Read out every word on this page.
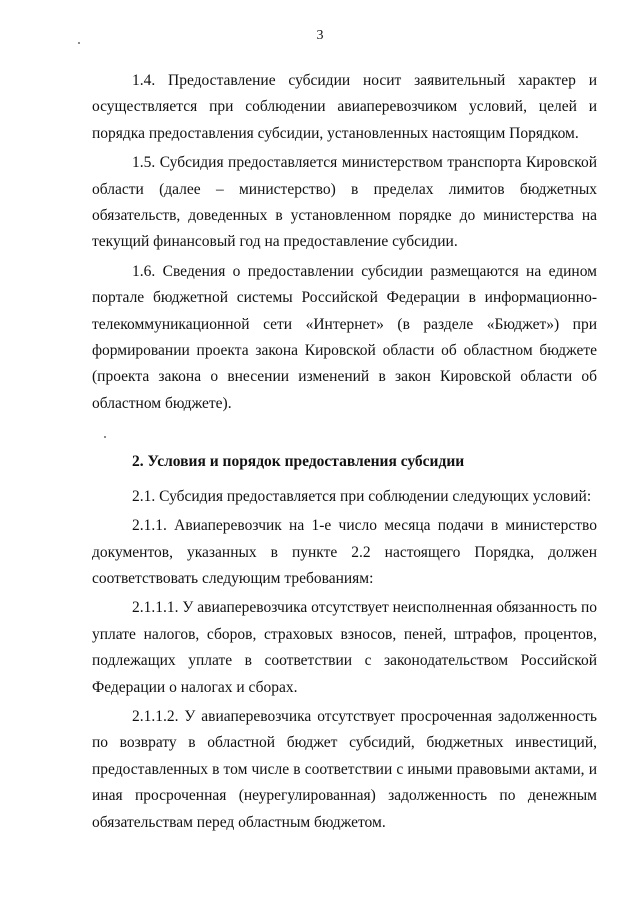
3

1.4. Предоставление субсидии носит заявительный характер и осуществляется при соблюдении авиаперевозчиком условий, целей и порядка предоставления субсидии, установленных настоящим Порядком.

1.5. Субсидия предоставляется министерством транспорта Кировской области (далее – министерство) в пределах лимитов бюджетных обязательств, доведенных в установленном порядке до министерства на текущий финансовый год на предоставление субсидии.

1.6. Сведения о предоставлении субсидии размещаются на едином портале бюджетной системы Российской Федерации в информационно-телекоммуникационной сети «Интернет» (в разделе «Бюджет») при формировании проекта закона Кировской области об областном бюджете (проекта закона о внесении изменений в закон Кировской области об областном бюджете).

2. Условия и порядок предоставления субсидии

2.1. Субсидия предоставляется при соблюдении следующих условий:

2.1.1. Авиаперевозчик на 1-е число месяца подачи в министерство документов, указанных в пункте 2.2 настоящего Порядка, должен соответствовать следующим требованиям:

2.1.1.1. У авиаперевозчика отсутствует неисполненная обязанность по уплате налогов, сборов, страховых взносов, пеней, штрафов, процентов, подлежащих уплате в соответствии с законодательством Российской Федерации о налогах и сборах.

2.1.1.2. У авиаперевозчика отсутствует просроченная задолженность по возврату в областной бюджет субсидий, бюджетных инвестиций, предоставленных в том числе в соответствии с иными правовыми актами, и иная просроченная (неурегулированная) задолженность по денежным обязательствам перед областным бюджетом.
